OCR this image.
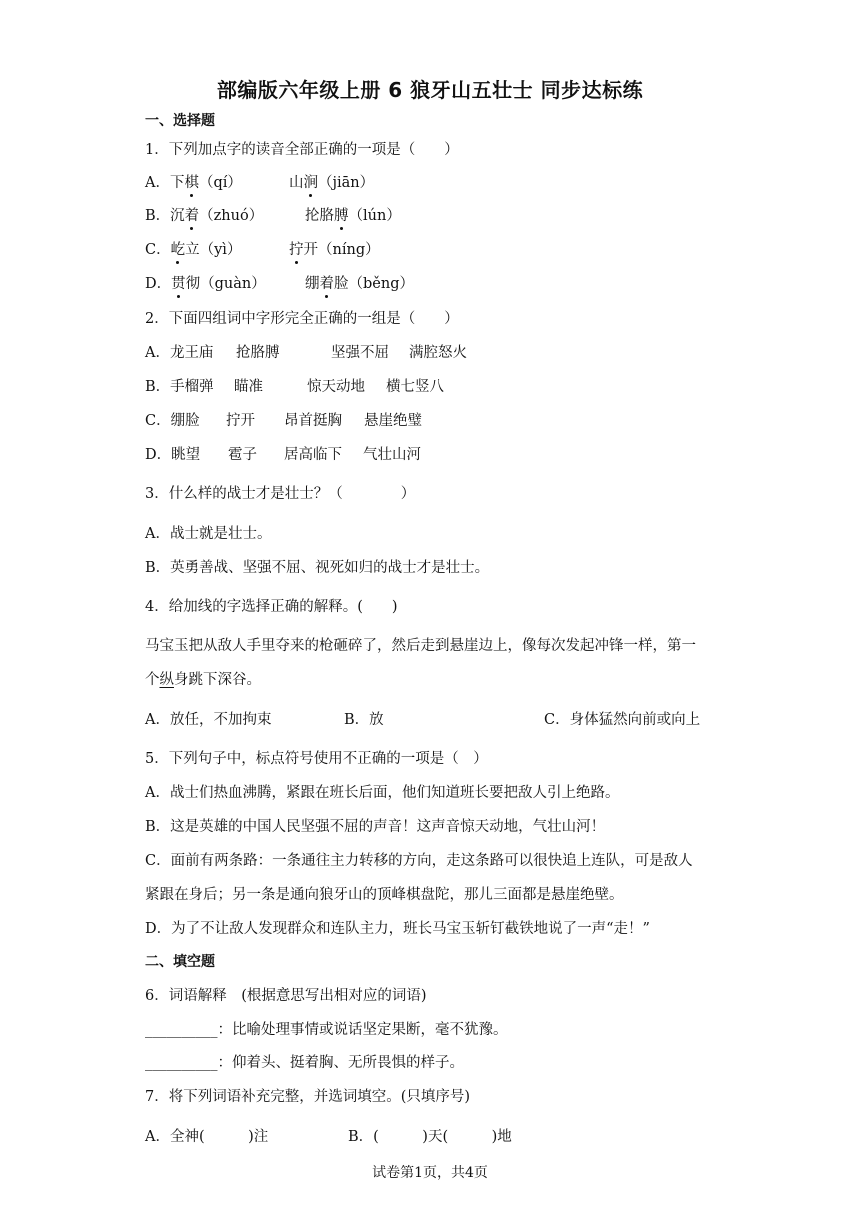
部编版六年级上册 6 狼牙山五壮士 同步达标练
一、选择题
1．下列加点字的读音全部正确的一项是（　　）
A．下棋（qí）	山涧（jiān）
B．沉着（zhuó）	抡胳膊（lún）
C．屹立（yì）	拧开（níng）
D．贯彻（guàn）	绷着脸（běng）
2．下面四组词中字形完全正确的一组是（　　）
A．龙王庙 抢胳膊	坚强不屈 满腔怒火
B．手榴弹 瞄准	惊天动地 横七竖八
C．绷脸 拧开 昂首挺胸 悬崖绝璧
D．眺望 雹子 居高临下 气壮山河
3．什么样的战士才是壮士？（　　　　）
A．战士就是壮士。
B．英勇善战、坚强不屈、视死如归的战士才是壮士。
4．给加线的字选择正确的解释。(　　)
马宝玉把从敌人手里夺来的枪砸碎了，然后走到悬崖边上，像每次发起冲锋一样，第一
个纵身跳下深谷。
A．放任，不加拘束	B．放	C．身体猛然向前或向上
5．下列句子中，标点符号使用不正确的一项是（　）
A．战士们热血沸腾，紧跟在班长后面，他们知道班长要把敌人引上绝路。
B．这是英雄的中国人民坚强不屈的声音！这声音惊天动地，气壮山河！
C．面前有两条路：一条通往主力转移的方向，走这条路可以很快追上连队，可是敌人
紧跟在身后；另一条是通向狼牙山的顶峰棋盘陀，那儿三面都是悬崖绝壁。
D．为了不让敌人发现群众和连队主力，班长马宝玉斩钉截铁地说了一声“走！”
二、填空题
6．词语解释　(根据意思写出相对应的词语)
__________：比喻处理事情或说话坚定果断，毫不犹豫。
__________：仰着头、挺着胸、无所畏惧的样子。
7．将下列词语补充完整，并选词填空。(只填序号)
A．全神(　　　)注	B．(　　　)天(　　　)地
试卷第1页，共4页
